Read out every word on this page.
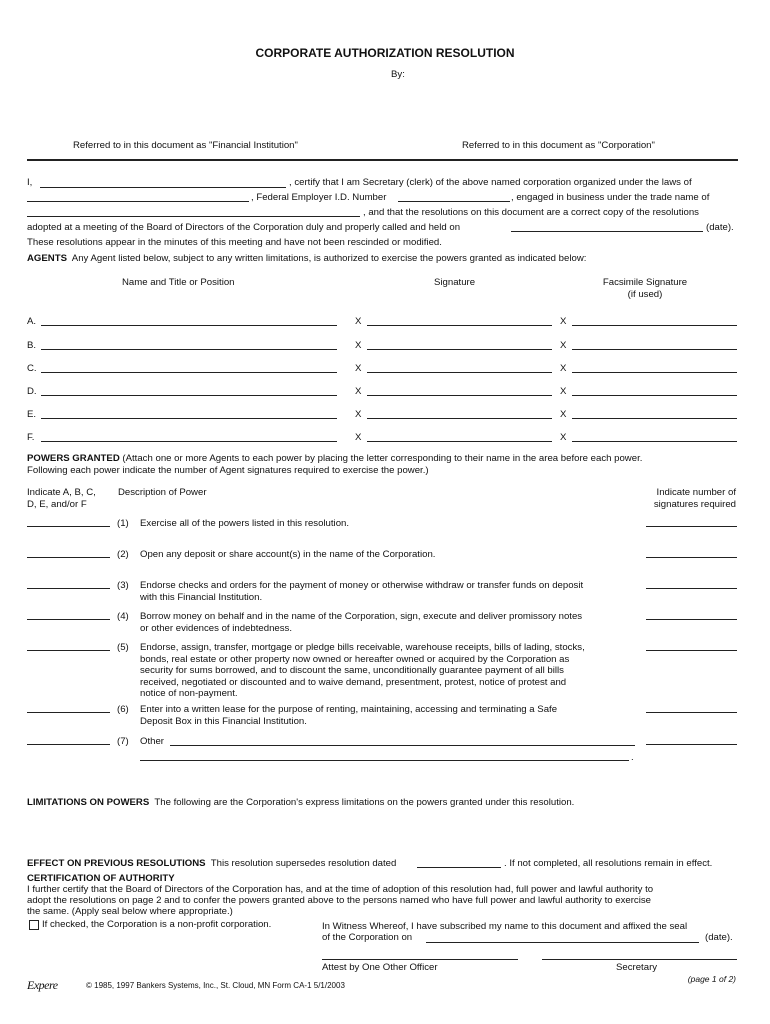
CORPORATE AUTHORIZATION RESOLUTION
By:
Referred to in this document as "Financial Institution"	Referred to in this document as "Corporation"
I,	, certify that I am Secretary (clerk) of the above named corporation organized under the laws of
, Federal Employer I.D. Number	, engaged in business under the trade name of
, and that the resolutions on this document are a correct copy of the resolutions
adopted at a meeting of the Board of Directors of the Corporation duly and properly called and held on	(date).
These resolutions appear in the minutes of this meeting and have not been rescinded or modified.
AGENTS Any Agent listed below, subject to any written limitations, is authorized to exercise the powers granted as indicated below:
Name and Title or Position	Signature	Facsimile Signature
(if used)
A.	X	X
B.	X	X
C.	X	X
D.	X	X
E.	X	X
F.	X	X
POWERS GRANTED (Attach one or more Agents to each power by placing the letter corresponding to their name in the area before each power.
Following each power indicate the number of Agent signatures required to exercise the power.)
Indicate A, B, C,
D, E, and/or F
Description of Power	Indicate number of
signatures required
(1) Exercise all of the powers listed in this resolution.
(2) Open any deposit or share account(s) in the name of the Corporation.
(3) Endorse checks and orders for the payment of money or otherwise withdraw or transfer funds on deposit
with this Financial Institution.
(4) Borrow money on behalf and in the name of the Corporation, sign, execute and deliver promissory notes
or other evidences of indebtedness.
(5) Endorse, assign, transfer, mortgage or pledge bills receivable, warehouse receipts, bills of lading, stocks,
bonds, real estate or other property now owned or hereafter owned or acquired by the Corporation as
security for sums borrowed, and to discount the same, unconditionally guarantee payment of all bills
received, negotiated or discounted and to waive demand, presentment, protest, notice of protest and
notice of non-payment.
(6) Enter into a written lease for the purpose of renting, maintaining, accessing and terminating a Safe
Deposit Box in this Financial Institution.
(7) Other
.
LIMITATIONS ON POWERS The following are the Corporation's express limitations on the powers granted under this resolution.
EFFECT ON PREVIOUS RESOLUTIONS This resolution supersedes resolution dated	. If not completed, all resolutions remain in effect.
CERTIFICATION OF AUTHORITY
I further certify that the Board of Directors of the Corporation has, and at the time of adoption of this resolution had, full power and lawful authority to
adopt the resolutions on page 2 and to confer the powers granted above to the persons named who have full power and lawful authority to exercise
the same. (Apply seal below where appropriate.)
If checked, the Corporation is a non-profit corporation.	In Witness Whereof, I have subscribed my name to this document and affixed the seal
of the Corporation on	(date).
Attest by One Other Officer	Secretary
Expere	© 1985, 1997 Bankers Systems, Inc., St. Cloud, MN Form CA-1 5/1/2003
(page 1 of 2)
